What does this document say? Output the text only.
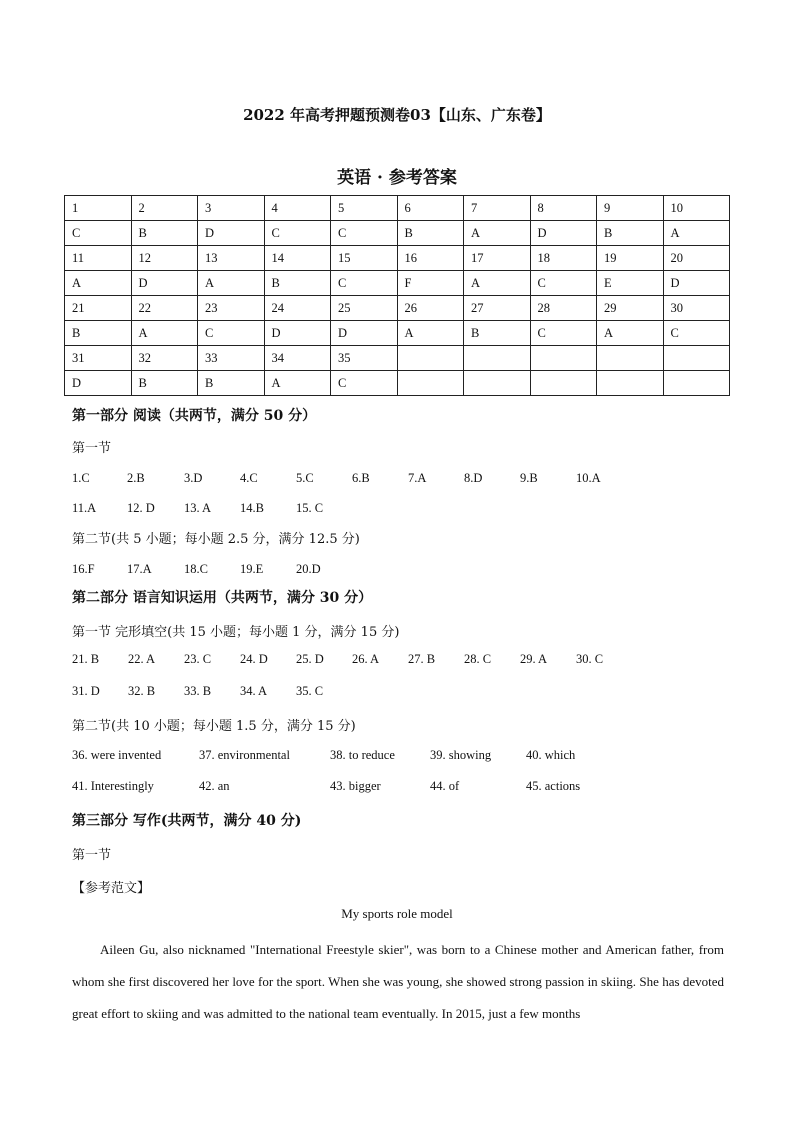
2022 年高考押题预测卷03【山东、广东卷】
英语 · 参考答案
1	2	3	4	5	6	7	8	9	10
C	B	D	C	C	B	A	D	B	A
11	12	13	14	15	16	17	18	19	20
A	D	A	B	C	F	A	C	E	D
21	22	23	24	25	26	27	28	29	30
B	A	C	D	D	A	B	C	A	C
31	32	33	34	35					
D	B	B	A	C					
第一部分 阅读（共两节，满分 50 分）
第一节
1.C	2.B	3.D	4.C	5.C	6.B	7.A	8.D	9.B	10.A
11.A 12. D 13. A 14.B	15. C
第二节(共 5 小题；每小题 2.5 分，满分 12.5 分)
16.F	17.A	18.C	19.E	20.D
第二部分 语言知识运用（共两节，满分 30 分）
第一节 完形填空(共 15 小题；每小题 1 分，满分 15 分)
21. B 22. A 23. C 24. D 25. D 26. A 27. B 28. C 29. A 30. C
31. D 32. B 33. B 34. A 35. C
第二节(共 10 小题；每小题 1.5 分，满分 15 分)
36. were invented	37. environmental	38. to reduce	39. showing	40. which
41. Interestingly	42. an	43. bigger	44. of	45. actions
第三部分 写作(共两节，满分 40 分)
第一节
【参考范文】
My sports role model

Aileen Gu, also nicknamed "International Freestyle skier", was born to a Chinese mother and American father, from whom she first discovered her love for the sport. When she was young, she showed strong passion in skiing. She has devoted great effort to skiing and was admitted to the national team eventually. In 2015, just a few months
